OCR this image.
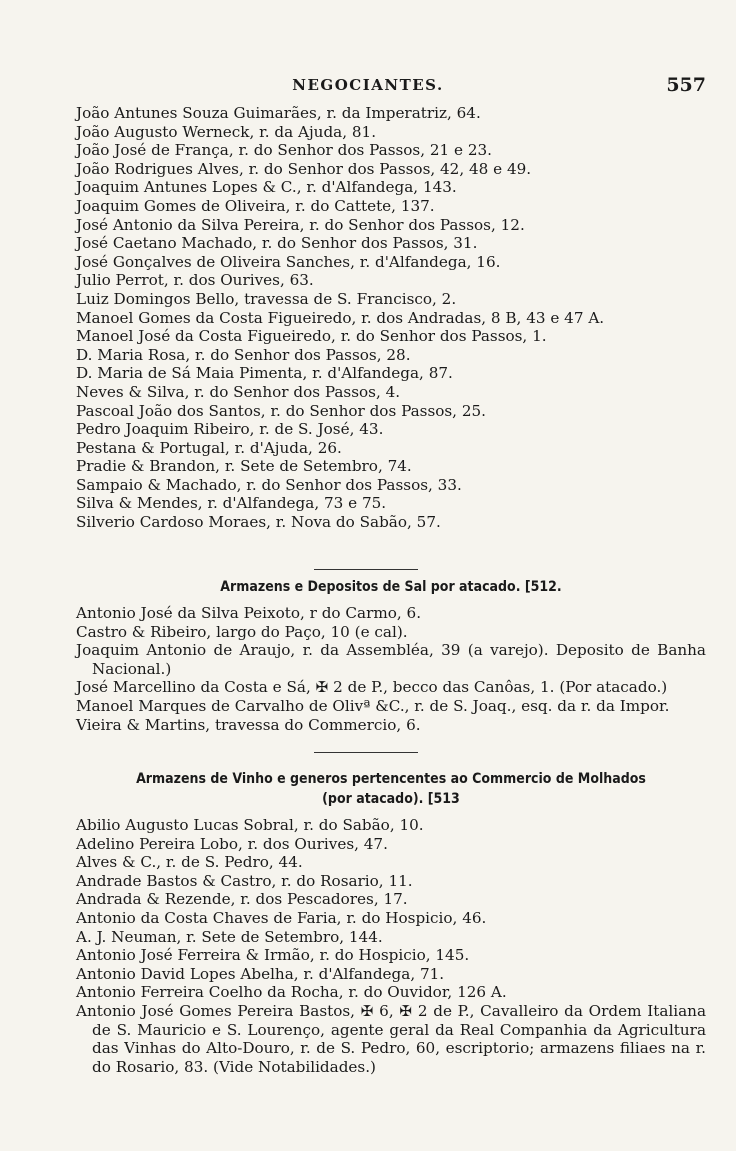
NEGOCIANTES.	557
João Antunes Souza Guimarães, r. da Imperatriz, 64.
João Augusto Werneck, r. da Ajuda, 81.
João José de França, r. do Senhor dos Passos, 21 e 23.
João Rodrigues Alves, r. do Senhor dos Passos, 42, 48 e 49.
Joaquim Antunes Lopes & C., r. d'Alfandega, 143.
Joaquim Gomes de Oliveira, r. do Cattete, 137.
José Antonio da Silva Pereira, r. do Senhor dos Passos, 12.
José Caetano Machado, r. do Senhor dos Passos, 31.
José Gonçalves de Oliveira Sanches, r. d'Alfandega, 16.
Julio Perrot, r. dos Ourives, 63.
Luiz Domingos Bello, travessa de S. Francisco, 2.
Manoel Gomes da Costa Figueiredo, r. dos Andradas, 8 B, 43 e 47 A.
Manoel José da Costa Figueiredo, r. do Senhor dos Passos, 1.
D. Maria Rosa, r. do Senhor dos Passos, 28.
D. Maria de Sá Maia Pimenta, r. d'Alfandega, 87.
Neves & Silva, r. do Senhor dos Passos, 4.
Pascoal João dos Santos, r. do Senhor dos Passos, 25.
Pedro Joaquim Ribeiro, r. de S. José, 43.
Pestana & Portugal, r. d'Ajuda, 26.
Pradie & Brandon, r. Sete de Setembro, 74.
Sampaio & Machado, r. do Senhor dos Passos, 33.
Silva & Mendes, r. d'Alfandega, 73 e 75.
Silverio Cardoso Moraes, r. Nova do Sabão, 57.
Armazens e Depositos de Sal por atacado. [512.
Antonio José da Silva Peixoto, r do Carmo, 6.
Castro & Ribeiro, largo do Paço, 10 (e cal).
Joaquim Antonio de Araujo, r. da Assembléa, 39 (a varejo). Deposito de Banha Nacional.)
José Marcellino da Costa e Sá, ✠ 2 de P., becco das Canôas, 1. (Por atacado.)
Manoel Marques de Carvalho de Olivª &C., r. de S. Joaq., esq. da r. da Impor.
Vieira & Martins, travessa do Commercio, 6.
Armazens de Vinho e generos pertencentes ao Commercio de Molhados
(por atacado). [513
Abilio Augusto Lucas Sobral, r. do Sabão, 10.
Adelino Pereira Lobo, r. dos Ourives, 47.
Alves & C., r. de S. Pedro, 44.
Andrade Bastos & Castro, r. do Rosario, 11.
Andrada & Rezende, r. dos Pescadores, 17.
Antonio da Costa Chaves de Faria, r. do Hospicio, 46.
A. J. Neuman, r. Sete de Setembro, 144.
Antonio José Ferreira & Irmão, r. do Hospicio, 145.
Antonio David Lopes Abelha, r. d'Alfandega, 71.
Antonio Ferreira Coelho da Rocha, r. do Ouvidor, 126 A.
Antonio José Gomes Pereira Bastos, ✠ 6, ✠ 2 de P., Cavalleiro da Ordem Italiana de S. Mauricio e S. Lourenço, agente geral da Real Companhia da Agricultura das Vinhas do Alto-Douro, r. de S. Pedro, 60, escriptorio; armazens filiaes na r. do Rosario, 83. (Vide Notabilidades.)
